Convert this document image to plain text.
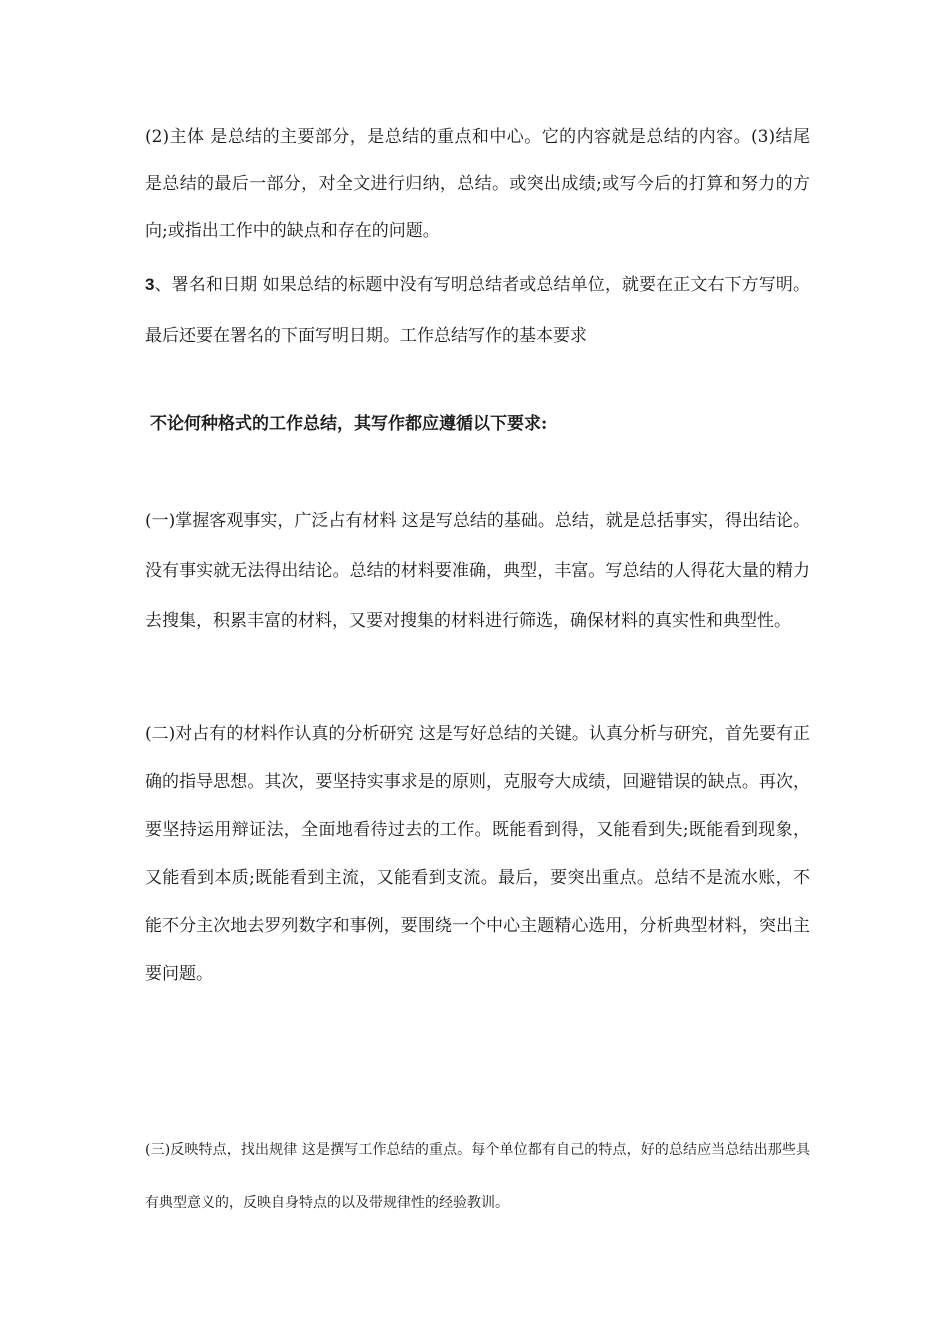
(2)主体 是总结的主要部分，是总结的重点和中心。它的内容就是总结的内容。(3)结尾 是总结的最后一部分，对全文进行归纳，总结。或突出成绩;或写今后的打算和努力的方向;或指出工作中的缺点和存在的问题。

3、署名和日期 如果总结的标题中没有写明总结者或总结单位，就要在正文右下方写明。最后还要在署名的下面写明日期。工作总结写作的基本要求

不论何种格式的工作总结，其写作都应遵循以下要求:

(一)掌握客观事实，广泛占有材料 这是写总结的基础。总结，就是总括事实，得出结论。没有事实就无法得出结论。总结的材料要准确，典型，丰富。写总结的人得花大量的精力去搜集，积累丰富的材料，又要对搜集的材料进行筛选，确保材料的真实性和典型性。

(二)对占有的材料作认真的分析研究 这是写好总结的关键。认真分析与研究，首先要有正确的指导思想。其次，要坚持实事求是的原则，克服夸大成绩，回避错误的缺点。再次，要坚持运用辩证法，全面地看待过去的工作。既能看到得，又能看到失;既能看到现象，又能看到本质;既能看到主流，又能看到支流。最后，要突出重点。总结不是流水账，不能不分主次地去罗列数字和事例，要围绕一个中心主题精心选用，分析典型材料，突出主要问题。

(三)反映特点，找出规律 这是撰写工作总结的重点。每个单位都有自己的特点，好的总结应当总结出那些具有典型意义的，反映自身特点的以及带规律性的经验教训。
